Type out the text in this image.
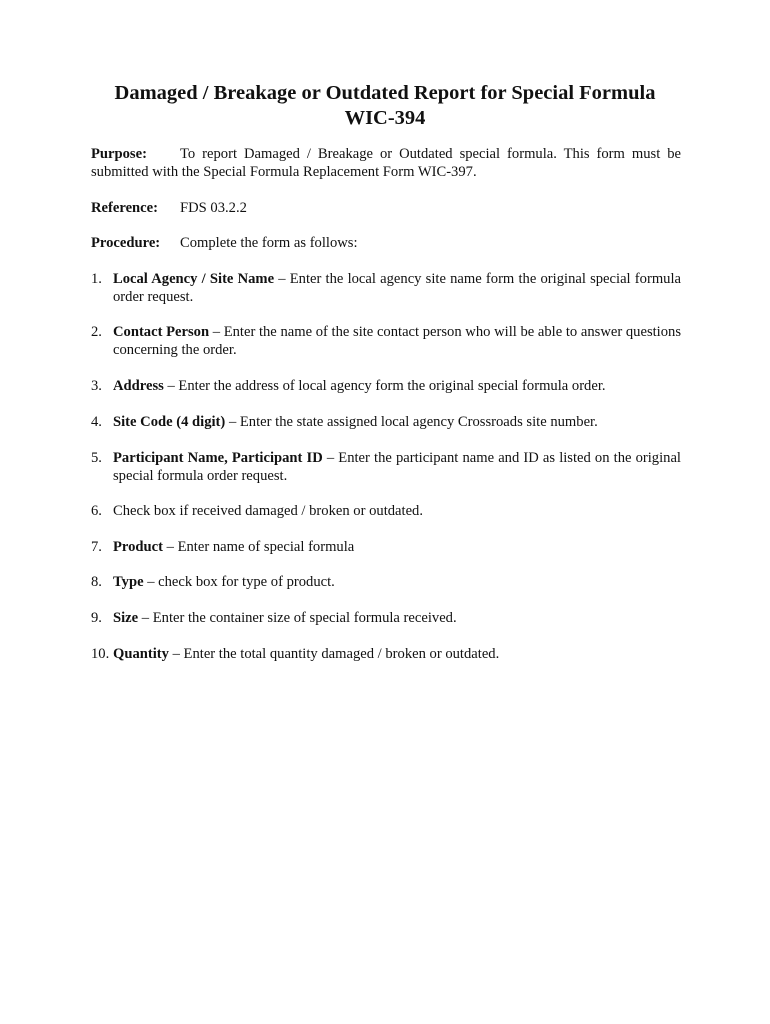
Damaged / Breakage or Outdated Report for Special Formula
WIC-394
Purpose: To report Damaged / Breakage or Outdated special formula. This form must be submitted with the Special Formula Replacement Form WIC-397.
Reference: FDS 03.2.2
Procedure: Complete the form as follows:
1. Local Agency / Site Name – Enter the local agency site name form the original special formula order request.
2. Contact Person – Enter the name of the site contact person who will be able to answer questions concerning the order.
3. Address – Enter the address of local agency form the original special formula order.
4. Site Code (4 digit) – Enter the state assigned local agency Crossroads site number.
5. Participant Name, Participant ID – Enter the participant name and ID as listed on the original special formula order request.
6. Check box if received damaged / broken or outdated.
7. Product – Enter name of special formula
8. Type – check box for type of product.
9. Size – Enter the container size of special formula received.
10. Quantity – Enter the total quantity damaged / broken or outdated.
